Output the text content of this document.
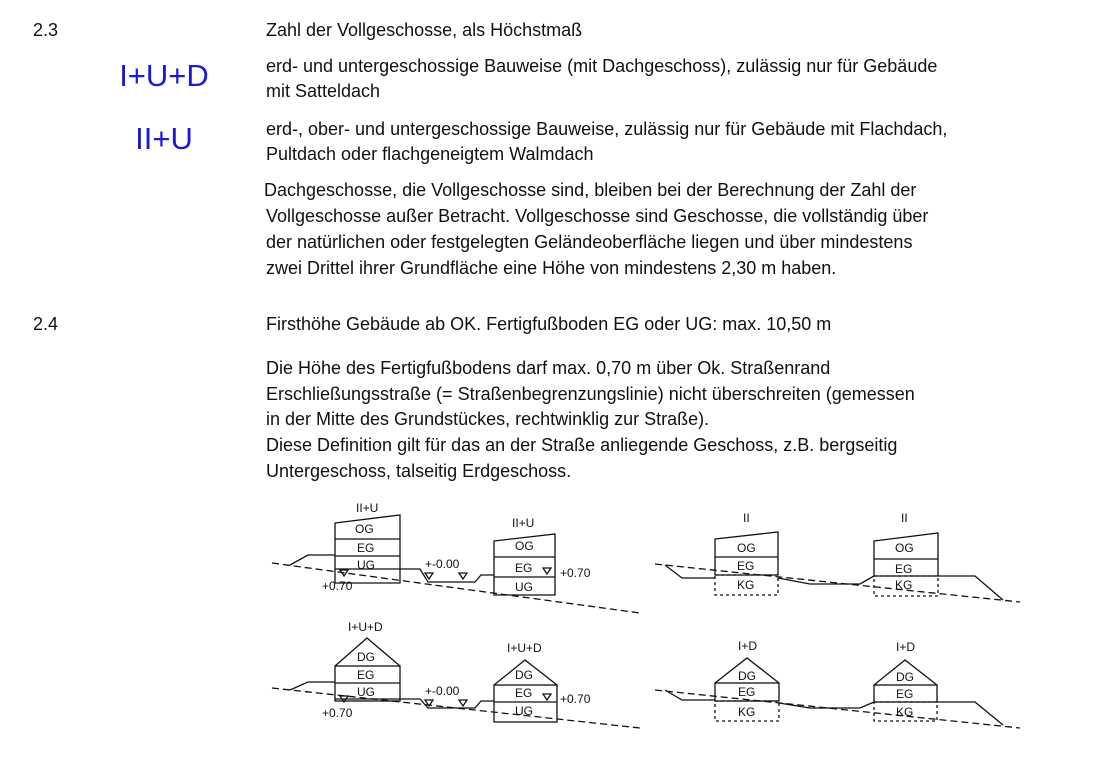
2.3	Zahl der Vollgeschosse, als Höchstmaß
I+U+D	erd- und untergeschossige Bauweise (mit Dachgeschoss), zulässig nur für Gebäude
mit Satteldach
II+U	erd-, ober- und untergeschossige Bauweise, zulässig nur für Gebäude mit Flachdach,
Pultdach oder flachgeneigtem Walmdach
Dachgeschosse, die Vollgeschosse sind, bleiben bei der Berechnung der Zahl der
Vollgeschosse außer Betracht. Vollgeschosse sind Geschosse, die vollständig über
der natürlichen oder festgelegten Geländeoberfläche liegen und über mindestens
zwei Drittel ihrer Grundfläche eine Höhe von mindestens 2,30 m haben.
2.4	Firsthöhe Gebäude ab OK. Fertigfußboden EG oder UG: max. 10,50 m
Die Höhe des Fertigfußbodens darf max. 0,70 m über Ok. Straßenrand
Erschließungsstraße (= Straßenbegrenzungslinie) nicht überschreiten (gemessen
in der Mitte des Grundstückes, rechtwinklig zur Straße).
Diese Definition gilt für das an der Straße anliegende Geschoss, z.B. bergseitig
Untergeschoss, talseitig Erdgeschoss.
II+U
OG
EG
UG
+0.70
+-0.00
II+U
OG
EG
UG
+0.70
II
OG
EG
KG
II
OG
EG
KG
I+U+D
DG
EG
UG
+0.70
+-0.00
I+U+D
DG
EG
UG
+0.70
I+D
DG
EG
KG
I+D
DG
EG
KG
